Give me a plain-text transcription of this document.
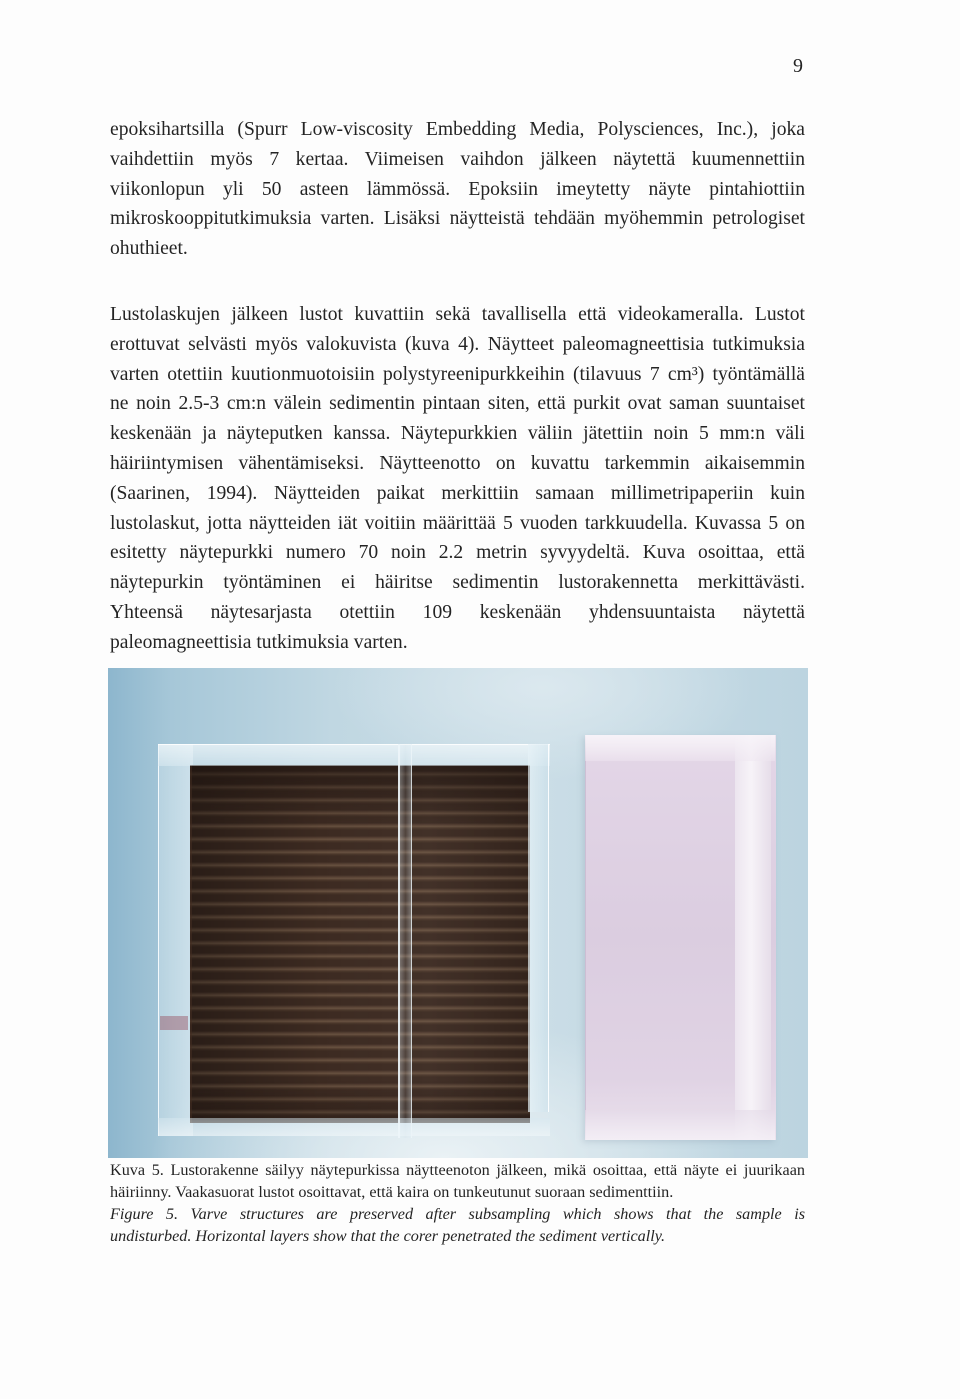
9
epoksihartsilla (Spurr Low-viscosity Embedding Media, Polysciences, Inc.), joka
vaihdettiin myös 7 kertaa. Viimeisen vaihdon jälkeen näytettä kuumennettiin
viikonlopun yli 50 asteen lämmössä. Epoksiin imeytetty näyte pintahiottiin
mikroskooppitutkimuksia varten. Lisäksi näytteistä tehdään myöhemmin petrologiset
ohuthieet.
Lustolaskujen jälkeen lustot kuvattiin sekä tavallisella että videokameralla. Lustot
erottuvat selvästi myös valokuvista (kuva 4). Näytteet paleomagneettisia tutkimuksia
varten otettiin kuutionmuotoisiin polystyreenipurkkeihin (tilavuus 7 cm³) työntämällä
ne noin 2.5-3 cm:n välein sedimentin pintaan siten, että purkit ovat saman suuntaiset
keskenään ja näyteputken kanssa. Näytepurkkien väliin jätettiin noin 5 mm:n väli
häiriintymisen vähentämiseksi. Näytteenotto on kuvattu tarkemmin aikaisemmin
(Saarinen, 1994). Näytteiden paikat merkittiin samaan millimetripaperiin kuin
lustolaskut, jotta näytteiden iät voitiin määrittää 5 vuoden tarkkuudella. Kuvassa 5 on
esitetty näytepurkki numero 70 noin 2.2 metrin syvyydeltä. Kuva osoittaa, että
näytepurkin työntäminen ei häiritse sedimentin lustorakennetta merkittävästi.
Yhteensä näytesarjasta otettiin 109 keskenään yhdensuuntaista näytettä
paleomagneettisia tutkimuksia varten.
Kuva 5. Lustorakenne säilyy näytepurkissa näytteenoton jälkeen, mikä osoittaa, että näyte ei juurikaan
häiriinny. Vaakasuorat lustot osoittavat, että kaira on tunkeutunut suoraan sedimenttiin.
Figure 5. Varve structures are preserved after subsampling which shows that the sample is
undisturbed. Horizontal layers show that the corer penetrated the sediment vertically.
